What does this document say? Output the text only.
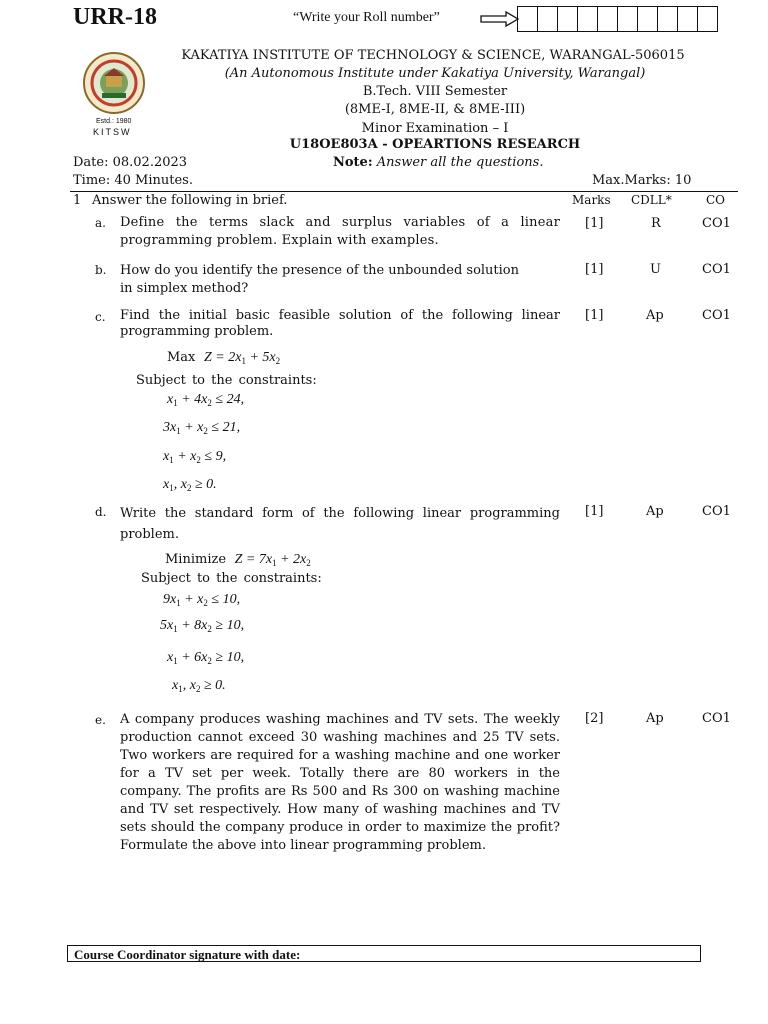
URR-18	“Write your Roll number”
Estd.: 1980
KITSW
KAKATIYA INSTITUTE OF TECHNOLOGY & SCIENCE, WARANGAL-506015
(An Autonomous Institute under Kakatiya University, Warangal)
B.Tech. VIII Semester
(8ME-I, 8ME-II, & 8ME-III)
Minor Examination – I
U18OE803A - OPEARTIONS RESEARCH
Date: 08.02.2023	Note: Answer all the questions.
Time: 40 Minutes.	Max.Marks: 10
1 Answer the following in brief.	Marks CDLL*	CO
a. Define the terms slack and surplus variables of a linear programming problem. Explain with examples.
[1]	R	CO1
b. How do you identify the presence of the unbounded solution in simplex method?
[1]	U	CO1
c. Find the initial basic feasible solution of the following linear programming problem.
[1]	Ap	CO1
Max  $Z = 2x_1 + 5x_2$
Subject to the constraints:
$x_1 + 4x_2 \le 24$,
$3x_1 + x_2 \le 21$,
$x_1 + x_2 \le 9$,
$x_1$, $x_2 \ge 0$.
d. Write the standard form of the following linear programming problem.
[1]	Ap	CO1
Minimize  $Z = 7x_1 + 2x_2$
Subject to the constraints:
$9x_1 + x_2 \le 10$,
$5x_1 + 8x_2 \ge 10$,
$x_1 + 6x_2 \ge 10$,
$x_1$, $x_2 \ge 0$.
e. A company produces washing machines and TV sets. The weekly production cannot exceed 30 washing machines and 25 TV sets. Two workers are required for a washing machine and one worker for a TV set per week. Totally there are 80 workers in the company. The profits are Rs 500 and Rs 300 on washing machine and TV set respectively. How many of washing machines and TV sets should the company produce in order to maximize the profit? Formulate the above into linear programming problem.
[2]	Ap	CO1
Course Coordinator signature with date:
